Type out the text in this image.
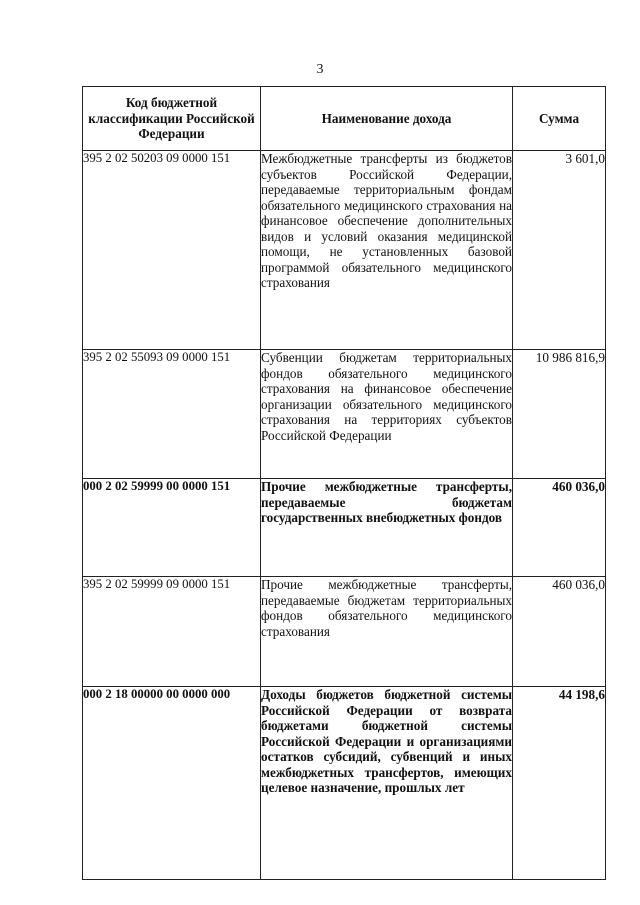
3
Код бюджетной классификации Российской Федерации	Наименование дохода	Сумма
395 2 02 50203 09 0000 151	Межбюджетные трансферты из бюджетов субъектов Российской Федерации, передаваемые территориальным фондам обязательного медицинского страхования на финансовое обеспечение дополнительных видов и условий оказания медицинской помощи, не установленных базовой программой обязательного медицинского страхования	3 601,0
395 2 02 55093 09 0000 151	Субвенции бюджетам территориальных фондов обязательного медицинского страхования на финансовое обеспечение организации обязательного медицинского страхования на территориях субъектов Российской Федерации	10 986 816,9
000 2 02 59999 00 0000 151	Прочие межбюджетные трансферты, передаваемые бюджетам государственных внебюджетных фондов	460 036,0
395 2 02 59999 09 0000 151	Прочие межбюджетные трансферты, передаваемые бюджетам территориальных фондов обязательного медицинского страхования	460 036,0
000 2 18 00000 00 0000 000	Доходы бюджетов бюджетной системы Российской Федерации от возврата бюджетами бюджетной системы Российской Федерации и организациями остатков субсидий, субвенций и иных межбюджетных трансфертов, имеющих целевое назначение, прошлых лет	44 198,6
